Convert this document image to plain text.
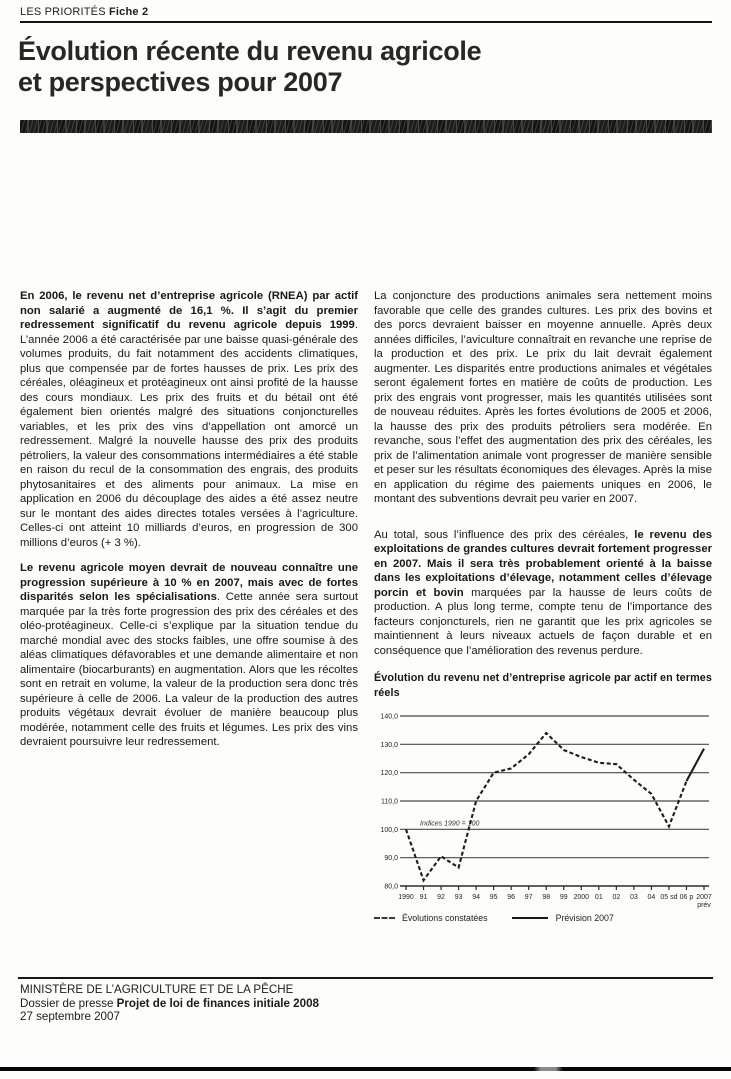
LES PRIORITÉS Fiche 2
Évolution récente du revenu agricole
et perspectives pour 2007

En 2006, le revenu net d’entreprise agricole (RNEA) par actif non salarié a augmenté de 16,1 %. Il s’agit du premier redressement significatif du revenu agricole depuis 1999. L’année 2006 a été caractérisée par une baisse quasi-générale des volumes produits, du fait notamment des accidents climatiques, plus que compensée par de fortes hausses de prix. Les prix des céréales, oléagineux et protéagineux ont ainsi profité de la hausse des cours mondiaux. Les prix des fruits et du bétail ont été également bien orientés malgré des situations conjoncturelles variables, et les prix des vins d’appellation ont amorcé un redressement. Malgré la nouvelle hausse des prix des produits pétroliers, la valeur des consommations intermédiaires a été stable en raison du recul de la consommation des engrais, des produits phytosanitaires et des aliments pour animaux. La mise en application en 2006 du découplage des aides a été assez neutre sur le montant des aides directes totales versées à l’agriculture. Celles-ci ont atteint 10 milliards d’euros, en progression de 300 millions d’euros (+ 3 %).

Le revenu agricole moyen devrait de nouveau connaître une progression supérieure à 10 % en 2007, mais avec de fortes disparités selon les spécialisations. Cette année sera surtout marquée par la très forte progression des prix des céréales et des oléo-protéagineux. Celle-ci s’explique par la situation tendue du marché mondial avec des stocks faibles, une offre soumise à des aléas climatiques défavorables et une demande alimentaire et non alimentaire (biocarburants) en augmentation. Alors que les récoltes sont en retrait en volume, la valeur de la production sera donc très supérieure à celle de 2006. La valeur de la production des autres produits végétaux devrait évoluer de manière beaucoup plus modérée, notamment celle des fruits et légumes. Les prix des vins devraient poursuivre leur redressement.

La conjoncture des productions animales sera nettement moins favorable que celle des grandes cultures. Les prix des bovins et des porcs devraient baisser en moyenne annuelle. Après deux années difficiles, l’aviculture connaîtrait en revanche une reprise de la production et des prix. Le prix du lait devrait également augmenter. Les disparités entre productions animales et végétales seront également fortes en matière de coûts de production. Les prix des engrais vont progresser, mais les quantités utilisées sont de nouveau réduites. Après les fortes évolutions de 2005 et 2006, la hausse des prix des produits pétroliers sera modérée. En revanche, sous l’effet des augmentation des prix des céréales, les prix de l’alimentation animale vont progresser de manière sensible et peser sur les résultats économiques des élevages. Après la mise en application du régime des paiements uniques en 2006, le montant des subventions devrait peu varier en 2007.

Au total, sous l’influence des prix des céréales, le revenu des exploitations de grandes cultures devrait fortement progresser en 2007. Mais il sera très probablement orienté à la baisse dans les exploitations d’élevage, notamment celles d’élevage porcin et bovin marquées par la hausse de leurs coûts de production. A plus long terme, compte tenu de l’importance des facteurs conjoncturels, rien ne garantit que les prix agricoles se maintiennent à leurs niveaux actuels de façon durable et en conséquence que l’amélioration des revenus perdure.

Évolution du revenu net d’entreprise agricole par actif en termes réels
80,0
90,0
100,0
110,0
120,0
130,0
140,0
1990 91 92 93 94 95 96 97 98 99 2000 01 02 03 04 05 sd 06 p 2007
prév
Indices 1990 = 100
Évolutions constatées	Prévision 2007
MINISTÈRE DE L’AGRICULTURE ET DE LA PÊCHE
Dossier de presse Projet de loi de finances initiale 2008
27 septembre 2007
